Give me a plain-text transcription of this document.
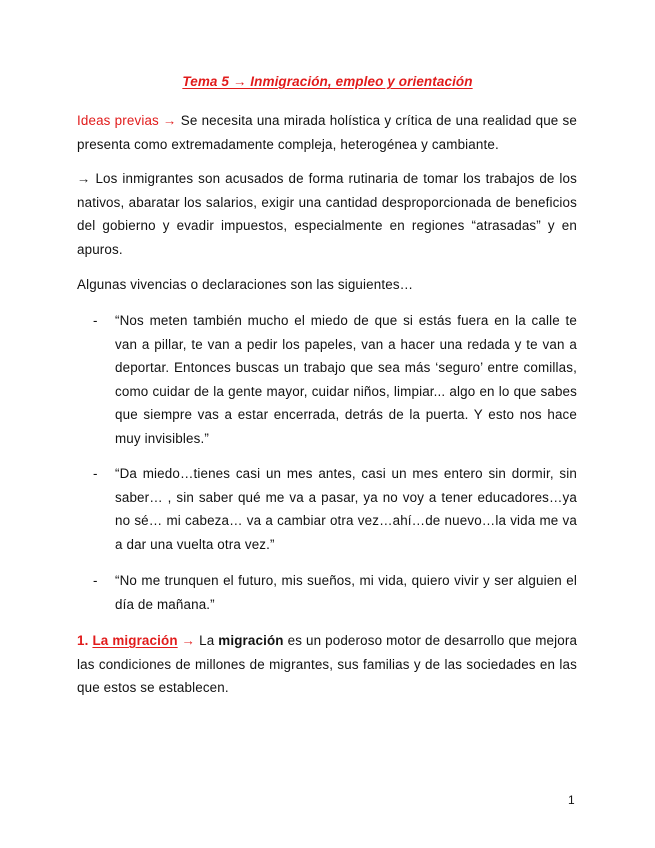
Tema 5 → Inmigración, empleo y orientación
Ideas previas → Se necesita una mirada holística y crítica de una realidad que se presenta como extremadamente compleja, heterogénea y cambiante.
→ Los inmigrantes son acusados de forma rutinaria de tomar los trabajos de los nativos, abaratar los salarios, exigir una cantidad desproporcionada de beneficios del gobierno y evadir impuestos, especialmente en regiones “atrasadas” y en apuros.
Algunas vivencias o declaraciones son las siguientes…
- “Nos meten también mucho el miedo de que si estás fuera en la calle te van a pillar, te van a pedir los papeles, van a hacer una redada y te van a deportar. Entonces buscas un trabajo que sea más ‘seguro’ entre comillas, como cuidar de la gente mayor, cuidar niños, limpiar... algo en lo que sabes que siempre vas a estar encerrada, detrás de la puerta. Y esto nos hace muy invisibles.”
- “Da miedo…tienes casi un mes antes, casi un mes entero sin dormir, sin saber… , sin saber qué me va a pasar, ya no voy a tener educadores…ya no sé… mi cabeza… va a cambiar otra vez…ahí…de nuevo…la vida me va a dar una vuelta otra vez.”
- “No me trunquen el futuro, mis sueños, mi vida, quiero vivir y ser alguien el día de mañana.”
1. La migración → La migración es un poderoso motor de desarrollo que mejora las condiciones de millones de migrantes, sus familias y de las sociedades en las que estos se establecen.
1
